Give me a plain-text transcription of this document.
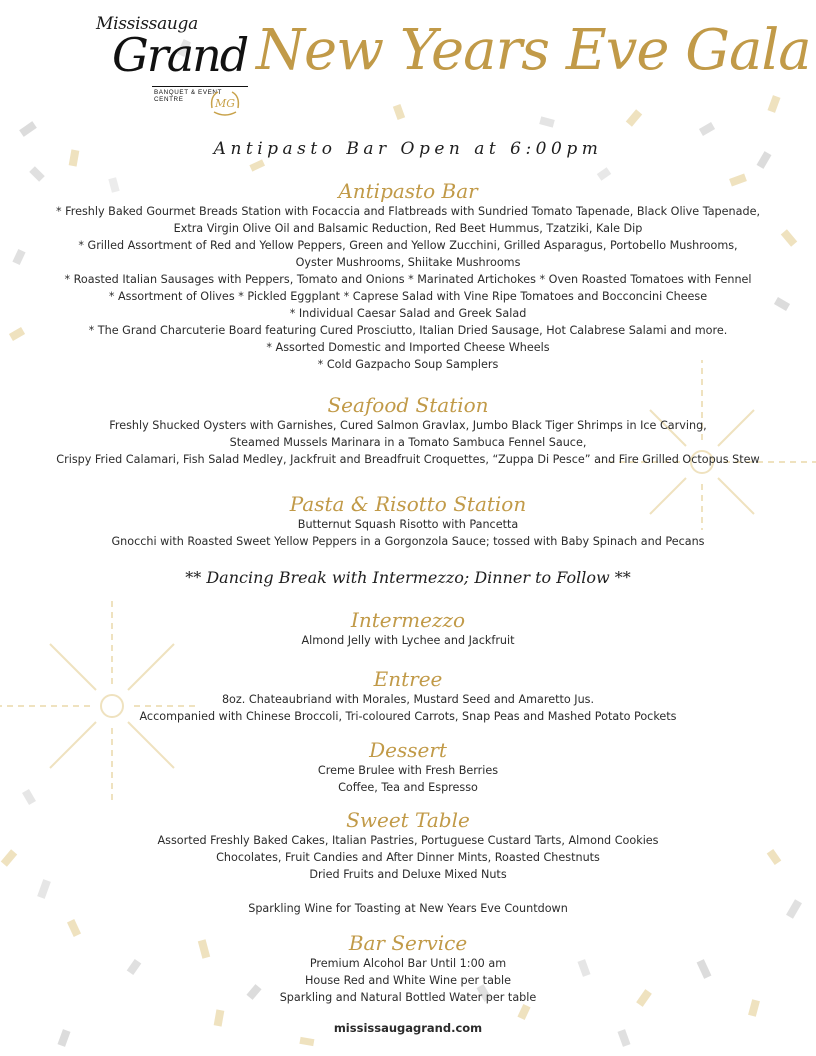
Mississauga
Grand
BANQUET & EVENT CENTRE	MG
New Years Eve Gala
Antipasto Bar Open at 6:00pm
Antipasto Bar
* Freshly Baked Gourmet Breads Station with Focaccia and Flatbreads with Sundried Tomato Tapenade, Black Olive Tapenade,
Extra Virgin Olive Oil and Balsamic Reduction, Red Beet Hummus, Tzatziki, Kale Dip
* Grilled Assortment of Red and Yellow Peppers, Green and Yellow Zucchini, Grilled Asparagus, Portobello Mushrooms,
Oyster Mushrooms, Shiitake Mushrooms
* Roasted Italian Sausages with Peppers, Tomato and Onions * Marinated Artichokes * Oven Roasted Tomatoes with Fennel
* Assortment of Olives * Pickled Eggplant * Caprese Salad with Vine Ripe Tomatoes and Bocconcini Cheese
* Individual Caesar Salad and Greek Salad
* The Grand Charcuterie Board featuring Cured Prosciutto, Italian Dried Sausage, Hot Calabrese Salami and more.
* Assorted Domestic and Imported Cheese Wheels
* Cold Gazpacho Soup Samplers
Seafood Station
Freshly Shucked Oysters with Garnishes, Cured Salmon Gravlax, Jumbo Black Tiger Shrimps in Ice Carving,
Steamed Mussels Marinara in a Tomato Sambuca Fennel Sauce,
Crispy Fried Calamari, Fish Salad Medley, Jackfruit and Breadfruit Croquettes, “Zuppa Di Pesce” and Fire Grilled Octopus Stew
Pasta & Risotto Station
Butternut Squash Risotto with Pancetta
Gnocchi with Roasted Sweet Yellow Peppers in a Gorgonzola Sauce; tossed with Baby Spinach and Pecans
** Dancing Break with Intermezzo; Dinner to Follow **
Intermezzo
Almond Jelly with Lychee and Jackfruit
Entree
8oz. Chateaubriand with Morales, Mustard Seed and Amaretto Jus.
Accompanied with Chinese Broccoli, Tri-coloured Carrots, Snap Peas and Mashed Potato Pockets
Dessert
Creme Brulee with Fresh Berries
Coffee, Tea and Espresso
Sweet Table
Assorted Freshly Baked Cakes, Italian Pastries, Portuguese Custard Tarts, Almond Cookies
Chocolates, Fruit Candies and After Dinner Mints, Roasted Chestnuts
Dried Fruits and Deluxe Mixed Nuts

Sparkling Wine for Toasting at New Years Eve Countdown
Bar Service
Premium Alcohol Bar Until 1:00 am
House Red and White Wine per table
Sparkling and Natural Bottled Water per table
mississaugagrand.com
